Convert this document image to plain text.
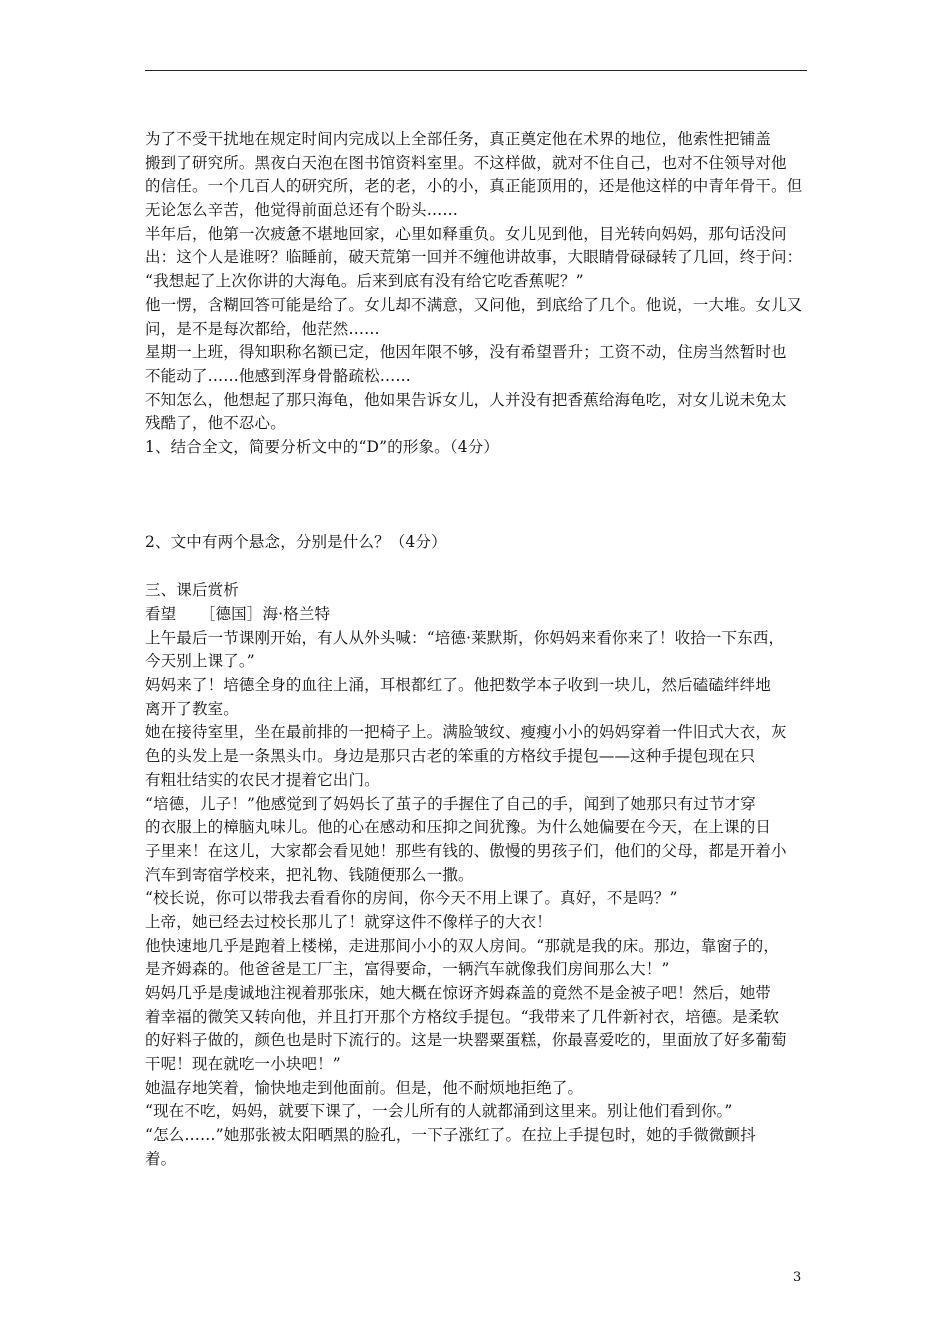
为了不受干扰地在规定时间内完成以上全部任务，真正奠定他在术界的地位，他索性把铺盖
搬到了研究所。黑夜白天泡在图书馆资料室里。不这样做，就对不住自己，也对不住领导对他
的信任。一个几百人的研究所，老的老，小的小，真正能顶用的，还是他这样的中青年骨干。但
无论怎么辛苦，他觉得前面总还有个盼头……
半年后，他第一次疲惫不堪地回家，心里如释重负。女儿见到他，目光转向妈妈，那句话没问
出：这个人是谁呀？临睡前，破天荒第一回并不缠他讲故事，大眼睛骨碌碌转了几回，终于问：
“我想起了上次你讲的大海龟。后来到底有没有给它吃香蕉呢？”
他一愣，含糊回答可能是给了。女儿却不满意，又问他，到底给了几个。他说，一大堆。女儿又
问，是不是每次都给，他茫然……
星期一上班，得知职称名额已定，他因年限不够，没有希望晋升；工资不动，住房当然暂时也
不能动了……他感到浑身骨骼疏松……
不知怎么，他想起了那只海龟，他如果告诉女儿，人并没有把香蕉给海龟吃，对女儿说未免太
残酷了，他不忍心。
1、结合全文，简要分析文中的“D”的形象。（4分）
2、文中有两个悬念，分别是什么？（4分）
三、课后赏析
看望　　［德国］海·格兰特
上午最后一节课刚开始，有人从外头喊：“培德·莱默斯，你妈妈来看你来了！收拾一下东西，
今天别上课了。”
妈妈来了！培德全身的血往上涌，耳根都红了。他把数学本子收到一块儿，然后磕磕绊绊地
离开了教室。
她在接待室里，坐在最前排的一把椅子上。满脸皱纹、瘦瘦小小的妈妈穿着一件旧式大衣，灰
色的头发上是一条黑头巾。身边是那只古老的笨重的方格纹手提包——这种手提包现在只
有粗壮结实的农民才提着它出门。
“培德，儿子！”他感觉到了妈妈长了茧子的手握住了自己的手，闻到了她那只有过节才穿
的衣服上的樟脑丸味儿。他的心在感动和压抑之间犹豫。为什么她偏要在今天，在上课的日
子里来！在这儿，大家都会看见她！那些有钱的、傲慢的男孩子们，他们的父母，都是开着小
汽车到寄宿学校来，把礼物、钱随便那么一撒。
“校长说，你可以带我去看看你的房间，你今天不用上课了。真好，不是吗？”
上帝，她已经去过校长那儿了！就穿这件不像样子的大衣！
他快速地几乎是跑着上楼梯，走进那间小小的双人房间。“那就是我的床。那边，靠窗子的，
是齐姆森的。他爸爸是工厂主，富得要命，一辆汽车就像我们房间那么大！”
妈妈几乎是虔诚地注视着那张床，她大概在惊讶齐姆森盖的竟然不是金被子吧！然后，她带
着幸福的微笑又转向他，并且打开那个方格纹手提包。“我带来了几件新衬衣，培德。是柔软
的好料子做的，颜色也是时下流行的。这是一块罂粟蛋糕，你最喜爱吃的，里面放了好多葡萄
干呢！现在就吃一小块吧！”
她温存地笑着，愉快地走到他面前。但是，他不耐烦地拒绝了。
“现在不吃，妈妈，就要下课了，一会儿所有的人就都涌到这里来。别让他们看到你。”
“怎么……”她那张被太阳晒黑的脸孔，一下子涨红了。在拉上手提包时，她的手微微颤抖
着。
3
